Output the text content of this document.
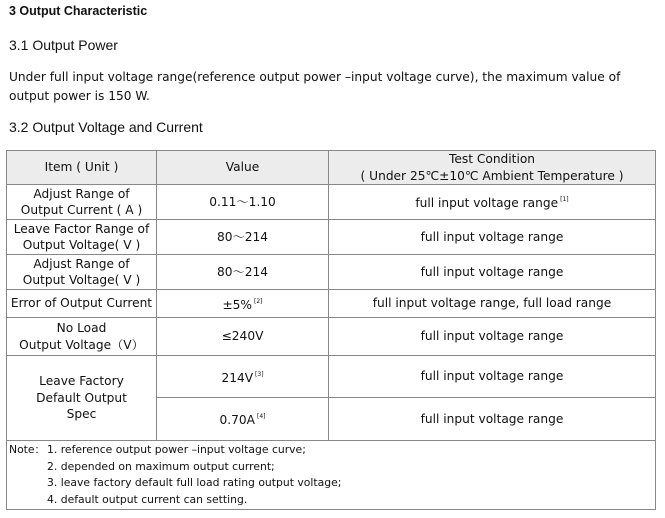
3 Output Characteristic
3.1 Output Power
Under full input voltage range(reference output power –input voltage curve), the maximum value of output power is 150 W.
3.2 Output Voltage and Current
Item ( Unit )	Value	Test Condition
( Under 25℃±10℃ Ambient Temperature )

Adjust Range of
Output Current ( A )	0.11～1.10	full input voltage range [1]

Leave Factor Range of
Output Voltage( V )	80～214	full input voltage range

Adjust Range of
Output Voltage( V )	80～214	full input voltage range
Error of Output Current	±5% [2]	full input voltage range, full load range

No Load
Output Voltage（V）	≤240V	full input voltage range

Leave Factory
Default Output
Spec	214V [3]	full input voltage range
	0.70A [4]	full input voltage range

Note： 1. reference output power –input voltage curve;
2. depended on maximum output current;
3. leave factory default full load rating output voltage;
4. default output current can setting.		
